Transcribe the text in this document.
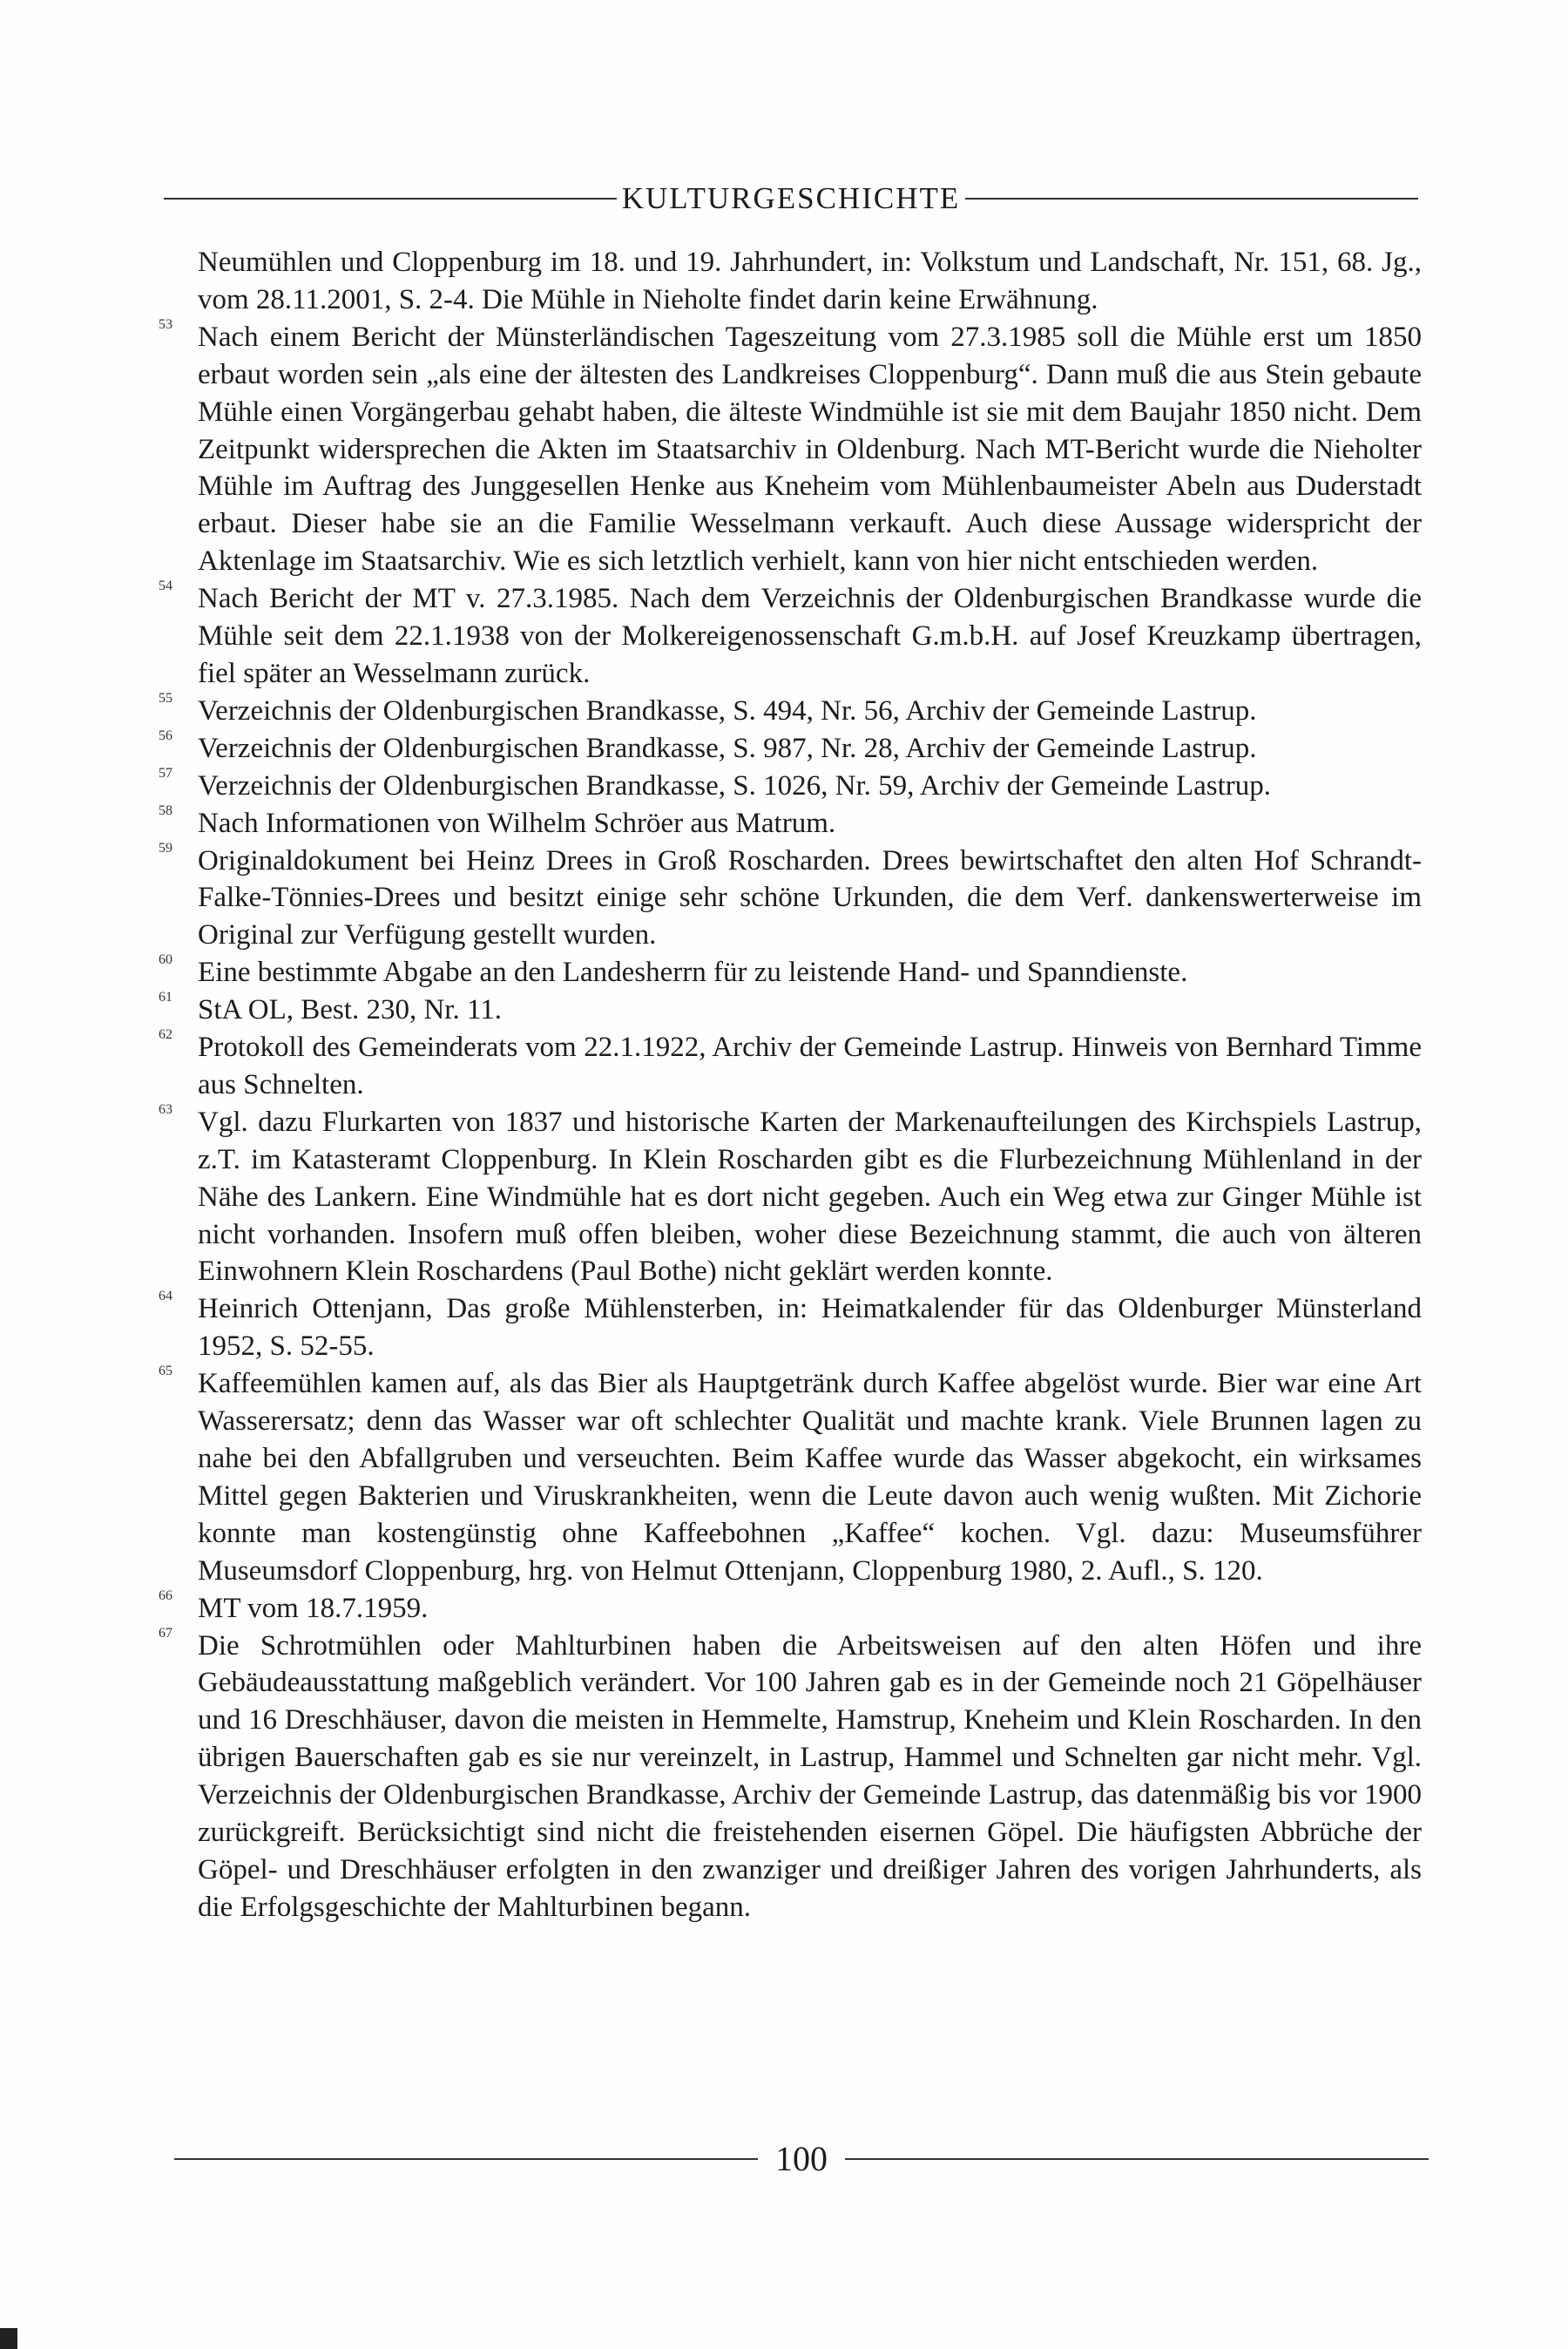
KULTURGESCHICHTE
Neumühlen und Cloppenburg im 18. und 19. Jahrhundert, in: Volkstum und Landschaft, Nr. 151, 68. Jg., vom 28.11.2001, S. 2-4. Die Mühle in Nieholte findet darin keine Erwähnung.
53 Nach einem Bericht der Münsterländischen Tageszeitung vom 27.3.1985 soll die Mühle erst um 1850 erbaut worden sein „als eine der ältesten des Landkreises Cloppenburg“. Dann muß die aus Stein gebaute Mühle einen Vorgängerbau gehabt haben, die älteste Windmühle ist sie mit dem Baujahr 1850 nicht. Dem Zeitpunkt widersprechen die Akten im Staatsarchiv in Oldenburg. Nach MT-Bericht wurde die Nieholter Mühle im Auftrag des Junggesellen Henke aus Kneheim vom Mühlenbaumeister Abeln aus Duderstadt erbaut. Dieser habe sie an die Familie Wesselmann verkauft. Auch diese Aussage widerspricht der Aktenlage im Staatsarchiv. Wie es sich letztlich verhielt, kann von hier nicht entschieden werden.
54 Nach Bericht der MT v. 27.3.1985. Nach dem Verzeichnis der Oldenburgischen Brandkasse wurde die Mühle seit dem 22.1.1938 von der Molkereigenossenschaft G.m.b.H. auf Josef Kreuzkamp übertragen, fiel später an Wesselmann zurück.
55 Verzeichnis der Oldenburgischen Brandkasse, S. 494, Nr. 56, Archiv der Gemeinde Lastrup.
56 Verzeichnis der Oldenburgischen Brandkasse, S. 987, Nr. 28, Archiv der Gemeinde Lastrup.
57 Verzeichnis der Oldenburgischen Brandkasse, S. 1026, Nr. 59, Archiv der Gemeinde Lastrup.
58 Nach Informationen von Wilhelm Schröer aus Matrum.
59 Originaldokument bei Heinz Drees in Groß Roscharden. Drees bewirtschaftet den alten Hof Schrandt-Falke-Tönnies-Drees und besitzt einige sehr schöne Urkunden, die dem Verf. dankenswerterweise im Original zur Verfügung gestellt wurden.
60 Eine bestimmte Abgabe an den Landesherrn für zu leistende Hand- und Spanndienste.
61 StA OL, Best. 230, Nr. 11.
62 Protokoll des Gemeinderats vom 22.1.1922, Archiv der Gemeinde Lastrup. Hinweis von Bernhard Timme aus Schnelten.
63 Vgl. dazu Flurkarten von 1837 und historische Karten der Markenaufteilungen des Kirchspiels Lastrup, z.T. im Katasteramt Cloppenburg. In Klein Roscharden gibt es die Flurbezeichnung Mühlenland in der Nähe des Lankern. Eine Windmühle hat es dort nicht gegeben. Auch ein Weg etwa zur Ginger Mühle ist nicht vorhanden. Insofern muß offen bleiben, woher diese Bezeichnung stammt, die auch von älteren Einwohnern Klein Roschardens (Paul Bothe) nicht geklärt werden konnte.
64 Heinrich Ottenjann, Das große Mühlensterben, in: Heimatkalender für das Oldenburger Münsterland 1952, S. 52-55.
65 Kaffeemühlen kamen auf, als das Bier als Hauptgetränk durch Kaffee abgelöst wurde. Bier war eine Art Wasserersatz; denn das Wasser war oft schlechter Qualität und machte krank. Viele Brunnen lagen zu nahe bei den Abfallgruben und verseuchten. Beim Kaffee wurde das Wasser abgekocht, ein wirksames Mittel gegen Bakterien und Viruskrankheiten, wenn die Leute davon auch wenig wußten. Mit Zichorie konnte man kostengünstig ohne Kaffeebohnen „Kaffee“ kochen. Vgl. dazu: Museumsführer Museumsdorf Cloppenburg, hrg. von Helmut Ottenjann, Cloppenburg 1980, 2. Aufl., S. 120.
66 MT vom 18.7.1959.
67 Die Schrotmühlen oder Mahlturbinen haben die Arbeitsweisen auf den alten Höfen und ihre Gebäudeausstattung maßgeblich verändert. Vor 100 Jahren gab es in der Gemeinde noch 21 Göpelhäuser und 16 Dreschhäuser, davon die meisten in Hemmelte, Hamstrup, Kneheim und Klein Roscharden. In den übrigen Bauerschaften gab es sie nur vereinzelt, in Lastrup, Hammel und Schnelten gar nicht mehr. Vgl. Verzeichnis der Oldenburgischen Brandkasse, Archiv der Gemeinde Lastrup, das datenmäßig bis vor 1900 zurückgreift. Berücksichtigt sind nicht die freistehenden eisernen Göpel. Die häufigsten Abbrüche der Göpel- und Dreschhäuser erfolgten in den zwanziger und dreißiger Jahren des vorigen Jahrhunderts, als die Erfolgsgeschichte der Mahlturbinen begann.
100
